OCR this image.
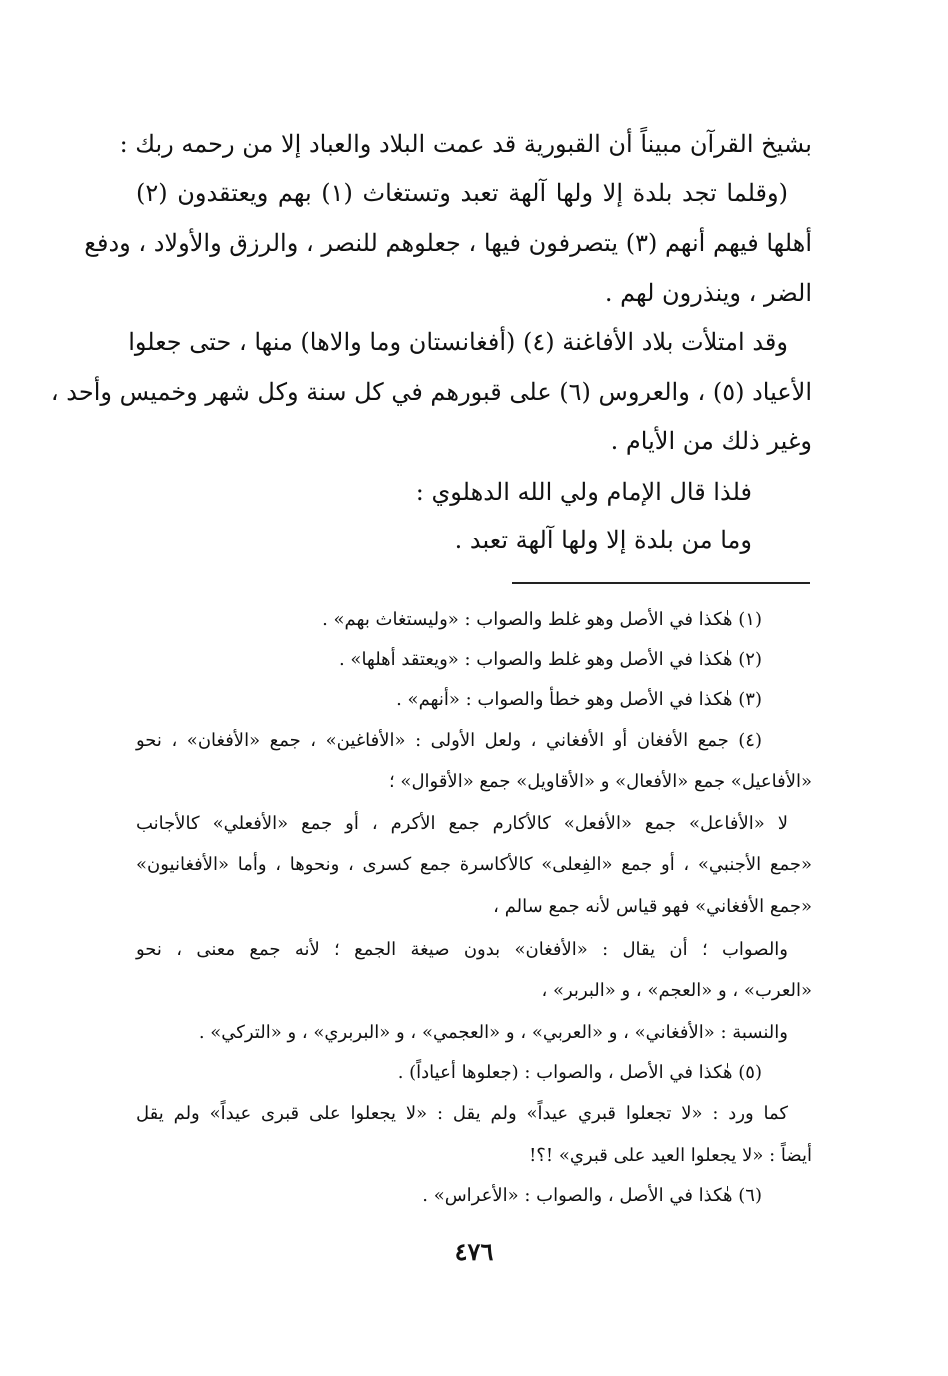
بشيخ القرآن مبيناً أن القبورية قد عمت البلاد والعباد إلا من رحمه ربك :
(وقلما تجد بلدة إلا ولها آلهة تعبد وتستغاث (١) بهم ويعتقدون (٢)
أهلها فيهم أنهم (٣) يتصرفون فيها ، جعلوهم للنصر ، والرزق والأولاد ، ودفع
الضر ، وينذرون لهم .
وقد امتلأت بلاد الأفاغنة (٤) (أفغانستان وما والاها) منها ، حتى جعلوا
الأعياد (٥) ، والعروس (٦) على قبورهم في كل سنة وكل شهر وخميس وأحد ،
وغير ذلك من الأيام .
فلذا قال الإمام ولي الله الدهلوي :
وما من بلدة إلا ولها آلهة تعبد .
(١) هٰكذا في الأصل وهو غلط والصواب : «وليستغاث بهم» .
(٢) هٰكذا في الأصل وهو غلط والصواب : «ويعتقد أهلها» .
(٣) هٰكذا في الأصل وهو خطأ والصواب : «أنهم» .
(٤) جمع الأفغان أو الأفغاني ، ولعل الأولى : «الأفاغين» ، جمع «الأفغان» ، نحو
«الأفاعيل» جمع «الأفعال» و «الأقاويل» جمع «الأقوال» ؛
لا «الأفاعل» جمع «الأفعل» كالأكارم جمع الأكرم ، أو جمع «الأفعلي» كالأجانب
«جمع الأجنبي» ، أو جمع «الفِعلى» كالأكاسرة جمع كسرى ، ونحوها ، وأما «الأفغانيون»
«جمع الأفغاني» فهو قياس لأنه جمع سالم ،
والصواب ؛ أن يقال : «الأفغان» بدون صيغة الجمع ؛ لأنه جمع معنى ، نحو
«العرب» ، و «العجم» ، و «البربر» ،
والنسبة : «الأفغاني» ، و «العربي» ، و «العجمي» ، و «البربري» ، و «التركي» .
(٥) هٰكذا في الأصل ، والصواب : (جعلوها أعياداً) .
كما ورد : «لا تجعلوا قبري عيداً» ولم يقل : «لا يجعلوا على قبرى عيداً» ولم يقل
أيضاً : «لا يجعلوا العيد على قبري» !؟!
(٦) هٰكذا في الأصل ، والصواب : «الأعراس» .
٤٧٦
